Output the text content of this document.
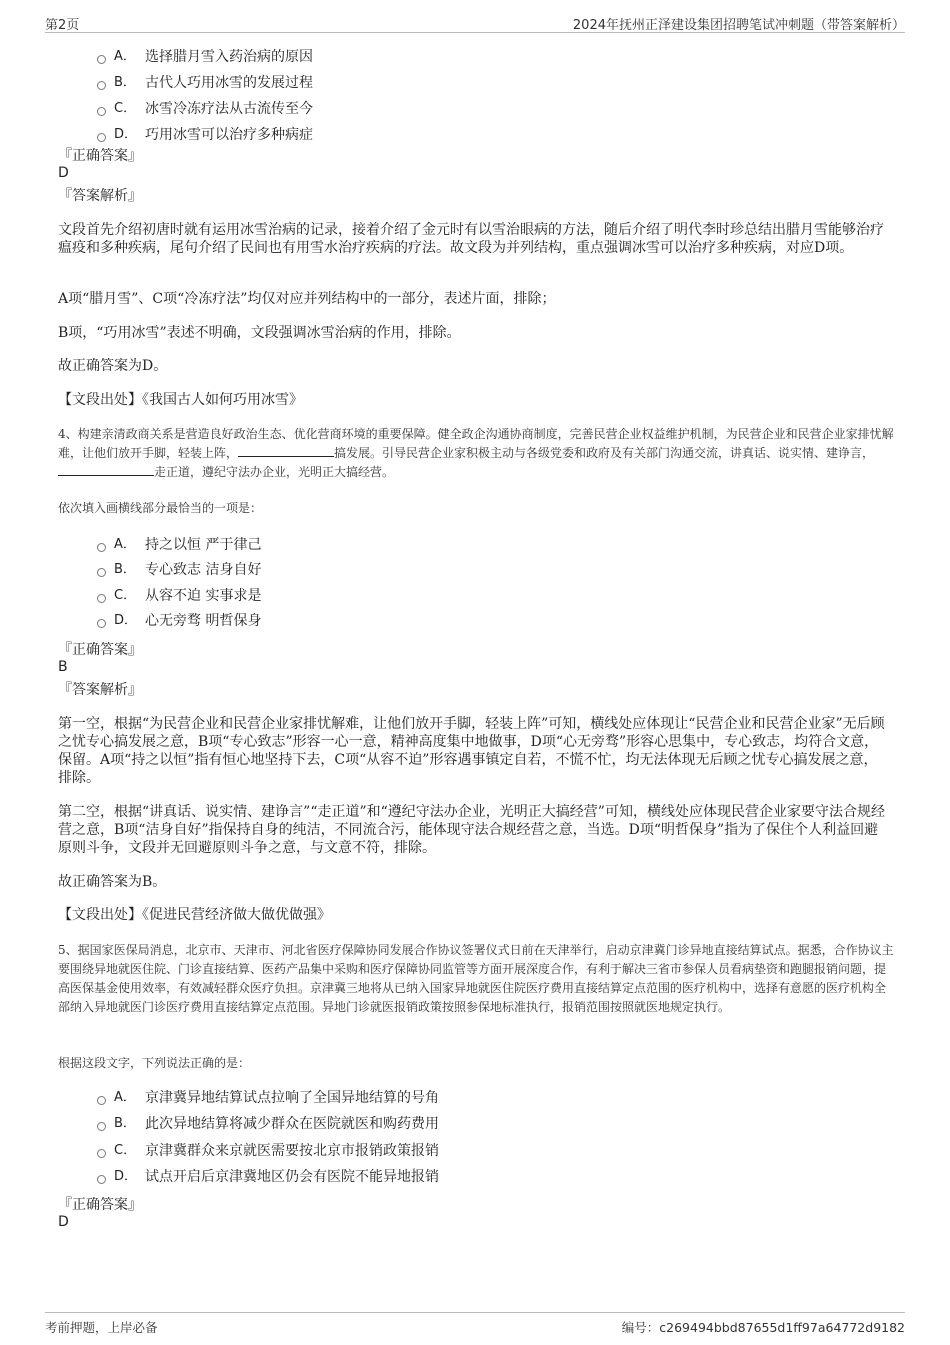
第2页	2024年抚州正泽建设集团招聘笔试冲刺题（带答案解析）
A． 选择腊月雪入药治病的原因
B． 古代人巧用冰雪的发展过程
C． 冰雪冷冻疗法从古流传至今
D． 巧用冰雪可以治疗多种病症
『正确答案』
D
『答案解析』
文段首先介绍初唐时就有运用冰雪治病的记录，接着介绍了金元时有以雪治眼病的方法，随后介绍了明代李时珍总结出腊月雪能够治疗瘟疫和多种疾病，尾句介绍了民间也有用雪水治疗疾病的疗法。故文段为并列结构，重点强调冰雪可以治疗多种疾病，对应D项。
A项“腊月雪”、C项“冷冻疗法”均仅对应并列结构中的一部分，表述片面，排除；
B项，“巧用冰雪”表述不明确，文段强调冰雪治病的作用，排除。
故正确答案为D。
【文段出处】《我国古人如何巧用冰雪》
4、构建亲清政商关系是营造良好政治生态、优化营商环境的重要保障。健全政企沟通协商制度，完善民营企业权益维护机制，为民营企业和民营企业家排忧解难，让他们放开手脚，轻装上阵，	搞发展。引导民营企业家积极主动与各级党委和政府及有关部门沟通交流，讲真话、说实情、建诤言，走正道，遵纪守法办企业，光明正大搞经营。
依次填入画横线部分最恰当的一项是：
A． 持之以恒 严于律己
B． 专心致志 洁身自好
C． 从容不迫 实事求是
D． 心无旁骛 明哲保身
『正确答案』
B
『答案解析』
第一空，根据“为民营企业和民营企业家排忧解难，让他们放开手脚，轻装上阵”可知，横线处应体现让“民营企业和民营企业家”无后顾之忧专心搞发展之意，B项“专心致志”形容一心一意，精神高度集中地做事，D项“心无旁骛”形容心思集中，专心致志，均符合文意，保留。A项“持之以恒”指有恒心地坚持下去，C项“从容不迫”形容遇事镇定自若，不慌不忙，均无法体现无后顾之忧专心搞发展之意，排除。
第二空，根据“讲真话、说实情、建诤言”“走正道”和“遵纪守法办企业，光明正大搞经营”可知，横线处应体现民营企业家要守法合规经营之意，B项“洁身自好”指保持自身的纯洁，不同流合污，能体现守法合规经营之意，当选。D项“明哲保身”指为了保住个人利益回避原则斗争，文段并无回避原则斗争之意，与文意不符，排除。
故正确答案为B。
【文段出处】《促进民营经济做大做优做强》
5、据国家医保局消息，北京市、天津市、河北省医疗保障协同发展合作协议签署仪式日前在天津举行，启动京津冀门诊异地直接结算试点。据悉，合作协议主要围绕异地就医住院、门诊直接结算、医药产品集中采购和医疗保障协同监管等方面开展深度合作，有利于解决三省市参保人员看病垫资和跑腿报销问题，提高医保基金使用效率，有效减轻群众医疗负担。京津冀三地将从已纳入国家异地就医住院医疗费用直接结算定点范围的医疗机构中，选择有意愿的医疗机构全部纳入异地就医门诊医疗费用直接结算定点范围。异地门诊就医报销政策按照参保地标准执行，报销范围按照就医地规定执行。
根据这段文字，下列说法正确的是：
A． 京津冀异地结算试点拉响了全国异地结算的号角
B． 此次异地结算将减少群众在医院就医和购药费用
C． 京津冀群众来京就医需要按北京市报销政策报销
D． 试点开启后京津冀地区仍会有医院不能异地报销
『正确答案』
D
考前押题，上岸必备	编号：c269494bbd87655d1ff97a64772d9182
